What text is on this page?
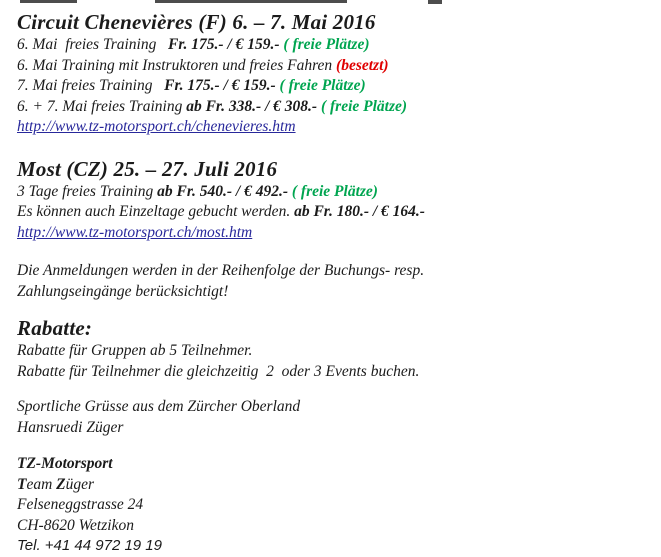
Circuit Chenevières (F) 6. – 7. Mai 2016
6. Mai  freies Training   Fr. 175.- / € 159.- ( freie Plätze)
6. Mai Training mit Instruktoren und freies Fahren (besetzt)
7. Mai freies Training   Fr. 175.- / € 159.- ( freie Plätze)
6. + 7. Mai freies Training ab Fr. 338.- / € 308.- ( freie Plätze)
http://www.tz-motorsport.ch/chenevieres.htm
Most (CZ) 25. – 27. Juli 2016
3 Tage freies Training ab Fr. 540.- / € 492.- ( freie Plätze)
Es können auch Einzeltage gebucht werden. ab Fr. 180.- / € 164.-
http://www.tz-motorsport.ch/most.htm
Die Anmeldungen werden in der Reihenfolge der Buchungs- resp.
Zahlungseingänge berücksichtigt!
Rabatte:
Rabatte für Gruppen ab 5 Teilnehmer.
Rabatte für Teilnehmer die gleichzeitig  2  oder 3 Events buchen.
Sportliche Grüsse aus dem Zürcher Oberland
Hansruedi Züger
TZ-Motorsport
Team Züger
Felseneggstrasse 24
CH-8620 Wetzikon
Tel. +41 44 972 19 19
